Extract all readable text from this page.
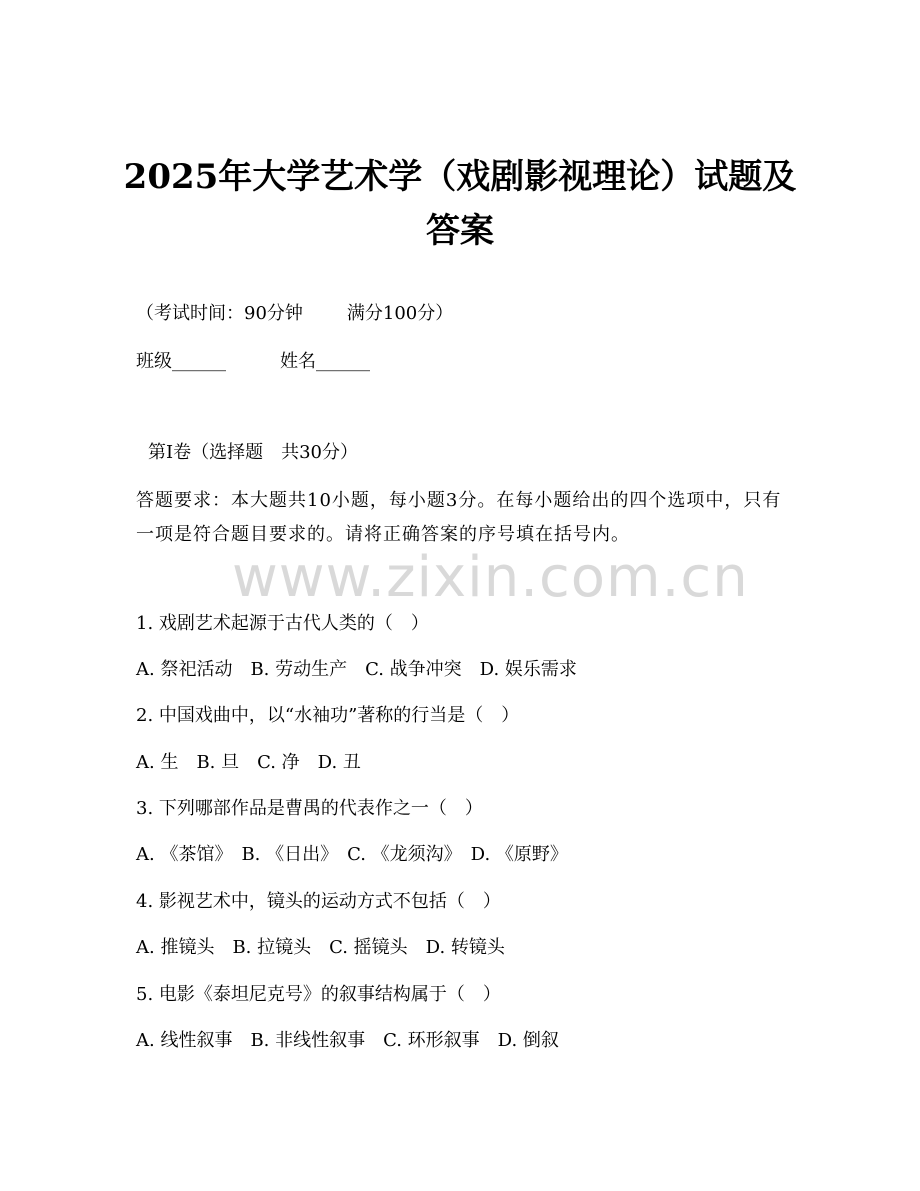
2025年大学艺术学（戏剧影视理论）试题及答案
（考试时间：90分钟 满分100分）
班级______	姓名______
第Ⅰ卷（选择题　共30分）
答题要求：本大题共10小题，每小题3分。在每小题给出的四个选项中，只有一项是符合题目要求的。请将正确答案的序号填在括号内。
www.zixin.com.cn
1. 戏剧艺术起源于古代人类的（　）
A. 祭祀活动　B. 劳动生产　C. 战争冲突　D. 娱乐需求
2. 中国戏曲中，以“水袖功”著称的行当是（　）
A. 生　B. 旦　C. 净　D. 丑
3. 下列哪部作品是曹禺的代表作之一（　）
A. 《茶馆》　B. 《日出》　C. 《龙须沟》　D. 《原野》
4. 影视艺术中，镜头的运动方式不包括（　）
A. 推镜头　B. 拉镜头　C. 摇镜头　D. 转镜头
5. 电影《泰坦尼克号》的叙事结构属于（　）
A. 线性叙事　B. 非线性叙事　C. 环形叙事　D. 倒叙
